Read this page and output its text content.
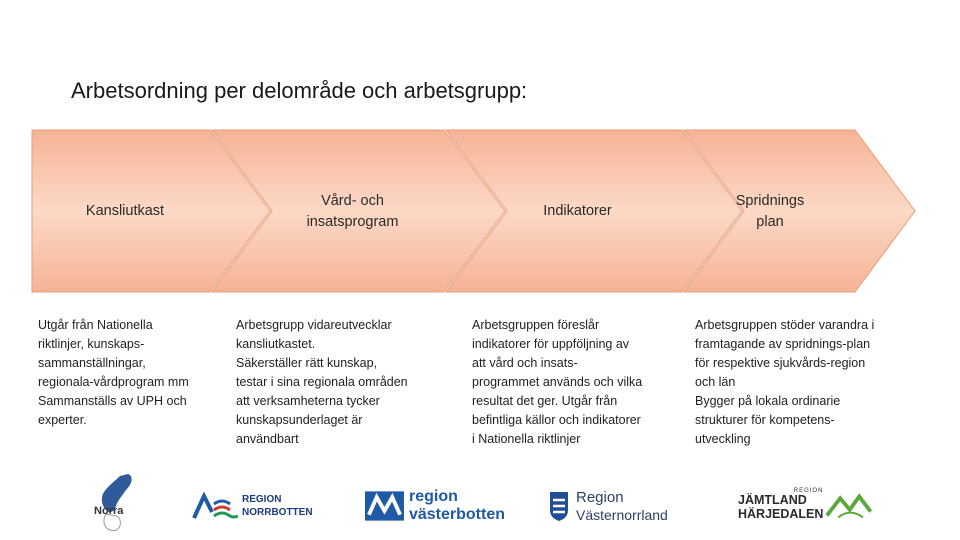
Arbetsordning per delområde och arbetsgrupp:
Kansliutkast
Vård- och
insatsprogram
Indikatorer
Spridnings
plan
Utgår från Nationella
riktlinjer, kunskaps-
sammanställningar,
regionala-vårdprogram mm
Sammanställs av UPH och
experter.
Arbetsgrupp vidareutvecklar
kansliutkastet.
Säkerställer rätt kunskap,
testar i sina regionala områden
att verksamheterna tycker
kunskapsunderlaget är
användbart
Arbetsgruppen föreslår
indikatorer för uppföljning av
att vård och insats-
programmet används och vilka
resultat det ger. Utgår från
befintliga källor och indikatorer
i Nationella riktlinjer
Arbetsgruppen stöder varandra i
framtagande av spridnings-plan
för respektive sjukvårds-region
och län
Bygger på lokala ordinarie
strukturer för kompetens-
utveckling
Norra
REGION
NORRBOTTEN
region
västerbotten
Region
Västernorrland
REGION
JÄMTLAND
HÄRJEDALEN
